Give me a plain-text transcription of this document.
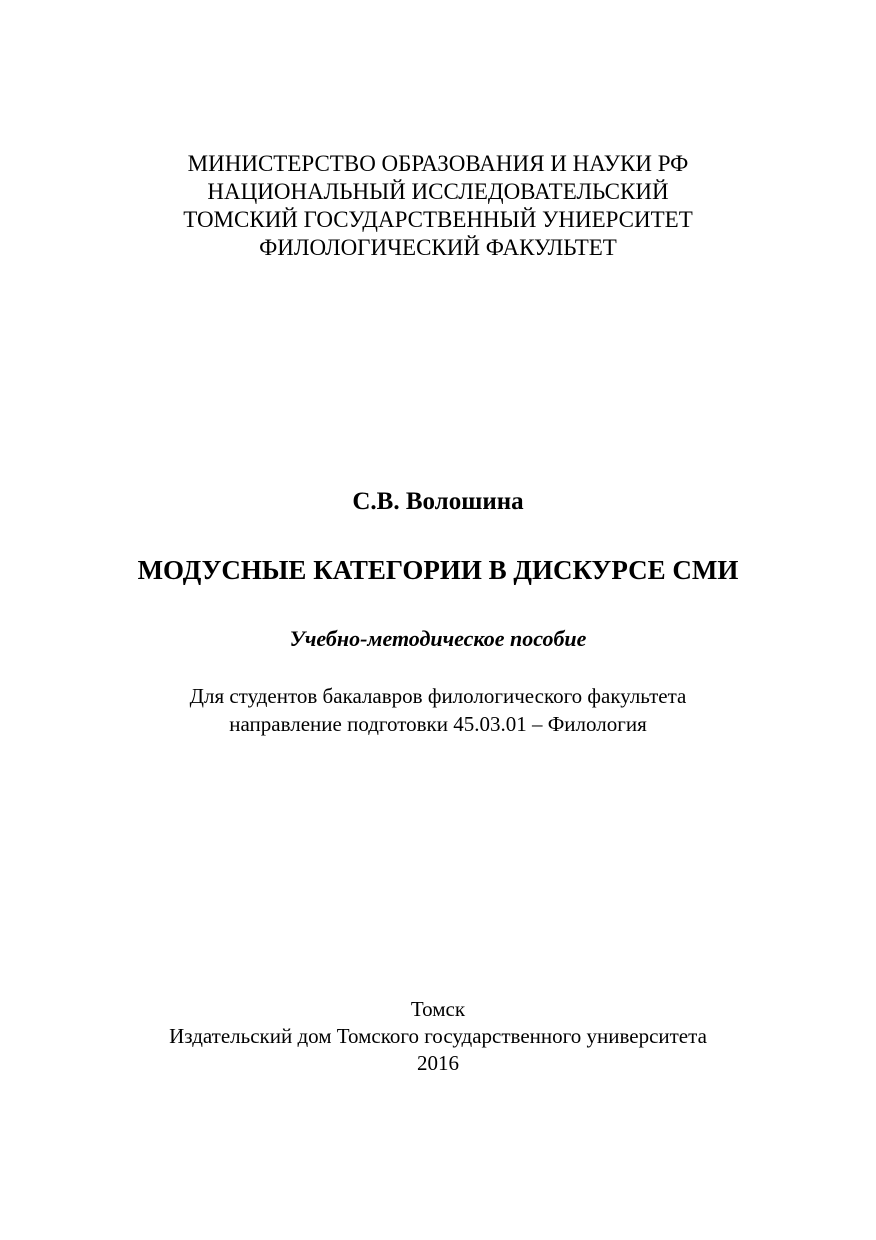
МИНИСТЕРСТВО ОБРАЗОВАНИЯ И НАУКИ РФ
НАЦИОНАЛЬНЫЙ ИССЛЕДОВАТЕЛЬСКИЙ
ТОМСКИЙ ГОСУДАРСТВЕННЫЙ УНИЕРСИТЕТ
ФИЛОЛОГИЧЕСКИЙ ФАКУЛЬТЕТ
С.В. Волошина
МОДУСНЫЕ КАТЕГОРИИ В ДИСКУРСЕ СМИ
Учебно-методическое пособие
Для студентов бакалавров филологического факультета
направление подготовки 45.03.01 – Филология
Томск
Издательский дом Томского государственного университета
2016
